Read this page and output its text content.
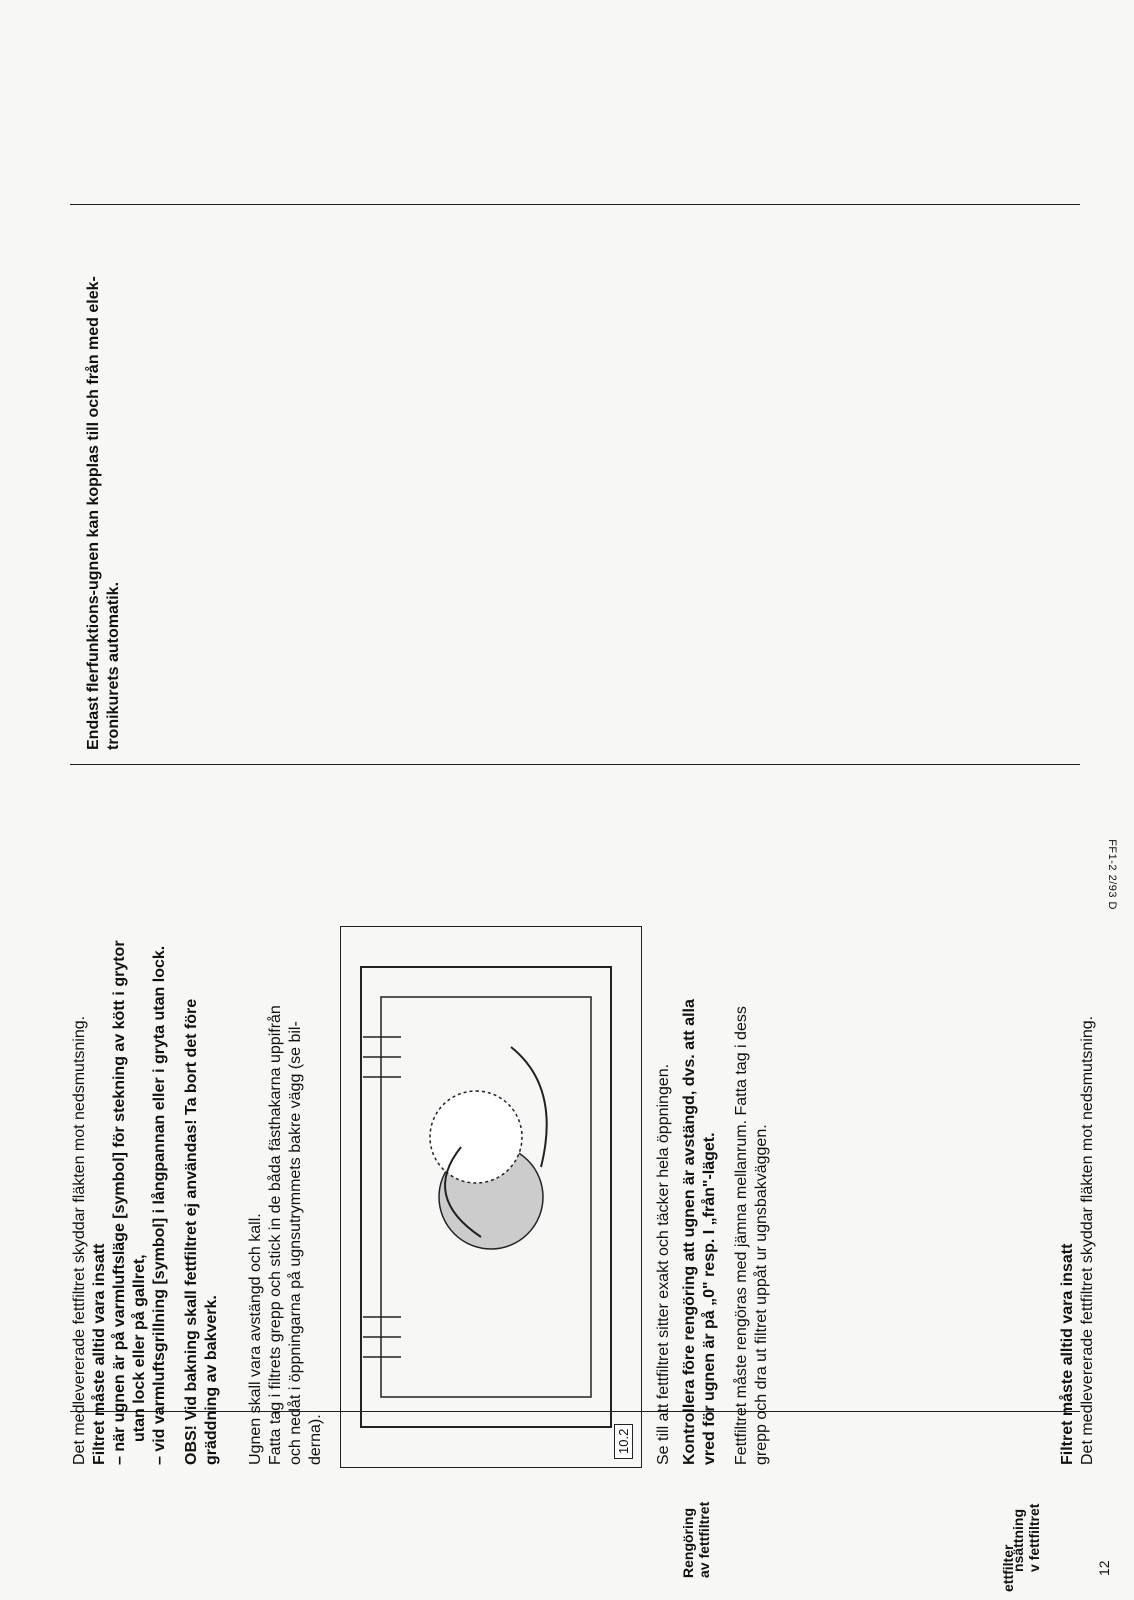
ettfilter
Det medlevererade fettfiltret skyddar fläkten mot nedsmutsning.
Filtret måste alltid vara insatt
Det medlevererade fettfiltret skyddar fläkten mot nedsmutsning. Filtret måste alltid vara insatt – när ugnen är på varmluftsläge [symbol] för stekning av kött i grytor utan lock eller på gallret, – vid varmluftsgrillning [symbol] i långpannan eller i gryta utan lock. OBS! Vid bakning skall fettfiltret ej användas! Ta bort det före gräddning av bakverk.
nsättning v fettfiltret
Ugnen skall vara avstängd och kall. Fatta tag i filtrets grepp och stick in de båda fästhakarna uppifrån och nedåt i öppningarna på ugnsutrymmets bakre vägg (se bil- derna).	10.2 Se till att fettfiltret sitter exakt och täcker hela öppningen.
Rengöring av fettfiltret
Kontrollera före rengöring att ugnen är avstängd, dvs. att alla vred för ugnen är på „0" resp. I „från"-läget. Fettfiltret måste rengöras med jämna mellanrum. Fatta tag i dess grepp och dra ut filtret uppåt ur ugnsbakväggen.
12
FF1-2 2/93 D
Endast flerfunktions-ugnen kan kopplas till och från med elek- tronikurets automatik.
